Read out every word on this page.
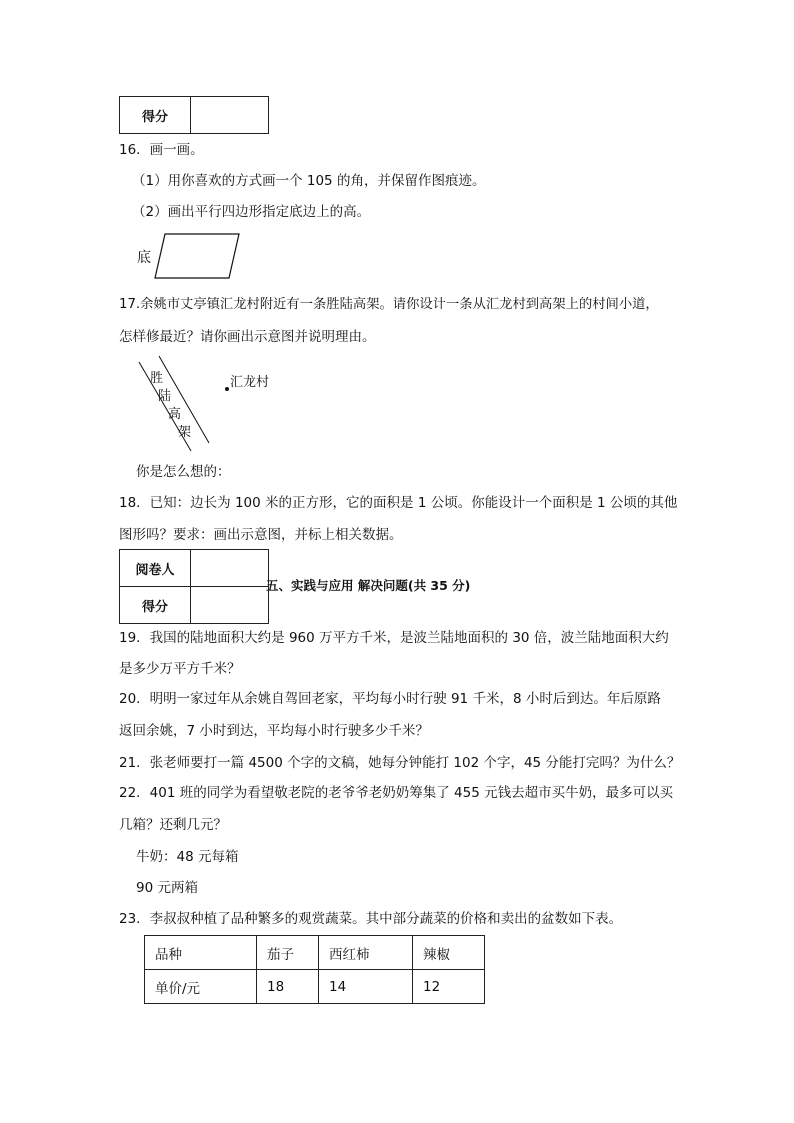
得分	
16．画一画。
（1）用你喜欢的方式画一个 105 的角，并保留作图痕迹。
（2）画出平行四边形指定底边上的高。
底
17.余姚市丈亭镇汇龙村附近有一条胜陆高架。请你设计一条从汇龙村到高架上的村间小道，
怎样修最近？请你画出示意图并说明理由。
胜
陆
高
架
汇龙村
你是怎么想的：
18．已知：边长为 100 米的正方形，它的面积是 1 公顷。你能设计一个面积是 1 公顷的其他
图形吗？要求：画出示意图，并标上相关数据。
阅卷人	
得分	
五、实践与应用 解决问题(共 35 分)
19．我国的陆地面积大约是 960 万平方千米，是波兰陆地面积的 30 倍，波兰陆地面积大约
是多少万平方千米？
20．明明一家过年从余姚自驾回老家，平均每小时行驶 91 千米，8 小时后到达。年后原路
返回余姚，7 小时到达，平均每小时行驶多少千米？
21．张老师要打一篇 4500 个字的文稿，她每分钟能打 102 个字，45 分能打完吗？为什么？
22．401 班的同学为看望敬老院的老爷爷老奶奶筹集了 455 元钱去超市买牛奶，最多可以买
几箱？还剩几元？
牛奶：48 元每箱
90 元两箱
23．李叔叔种植了品种繁多的观赏蔬菜。其中部分蔬菜的价格和卖出的盆数如下表。
品种	茄子	西红柿	辣椒
单价/元	18	14	12
